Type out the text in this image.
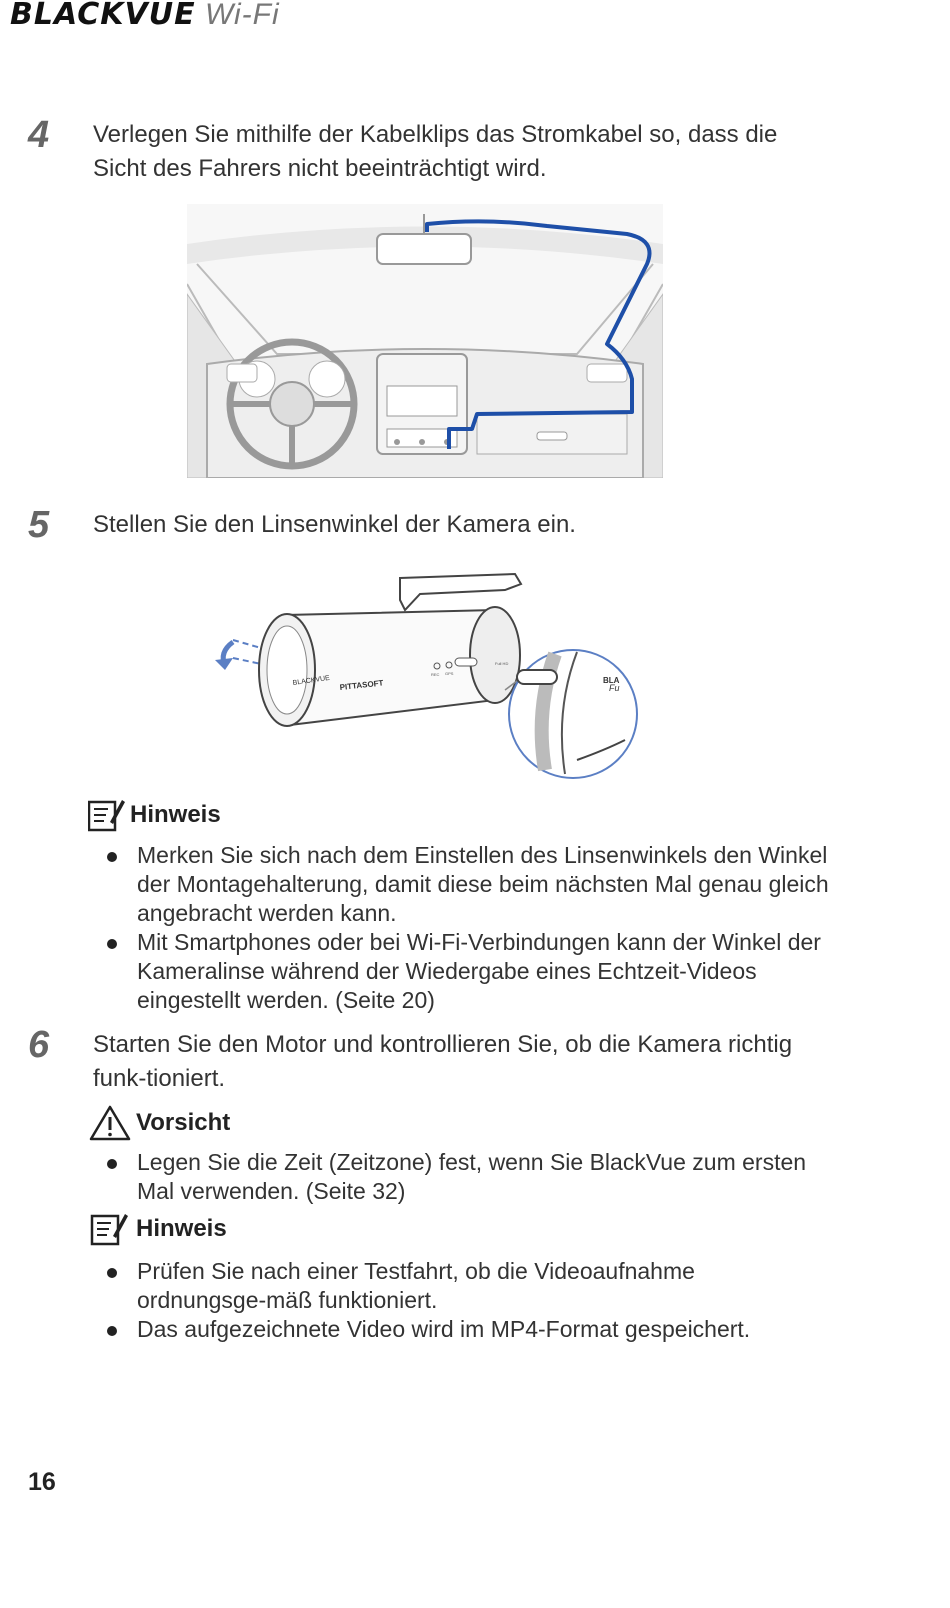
BLACKVUE Wi-Fi
4 Verlegen Sie mithilfe der Kabelklips das Stromkabel so, dass die Sicht des Fahrers nicht beeinträchtigt wird.
5 Stellen Sie den Linsenwinkel der Kamera ein.
BLACKVUE PITTASOFT
REC GPS
Full HD
BLA
Fu
Hinweis
Merken Sie sich nach dem Einstellen des Linsenwinkels den Winkel der Montagehalterung, damit diese beim nächsten Mal genau gleich angebracht werden kann.
Mit Smartphones oder bei Wi-Fi-Verbindungen kann der Winkel der Kameralinse während der Wiedergabe eines Echtzeit-Videos eingestellt werden. (Seite 20)
6 Starten Sie den Motor und kontrollieren Sie, ob die Kamera richtig funk-tioniert.
Vorsicht
Legen Sie die Zeit (Zeitzone) fest, wenn Sie BlackVue zum ersten Mal verwenden. (Seite 32)
Hinweis
Prüfen Sie nach einer Testfahrt, ob die Videoaufnahme ordnungsge-mäß funktioniert.
Das aufgezeichnete Video wird im MP4-Format gespeichert.
16
